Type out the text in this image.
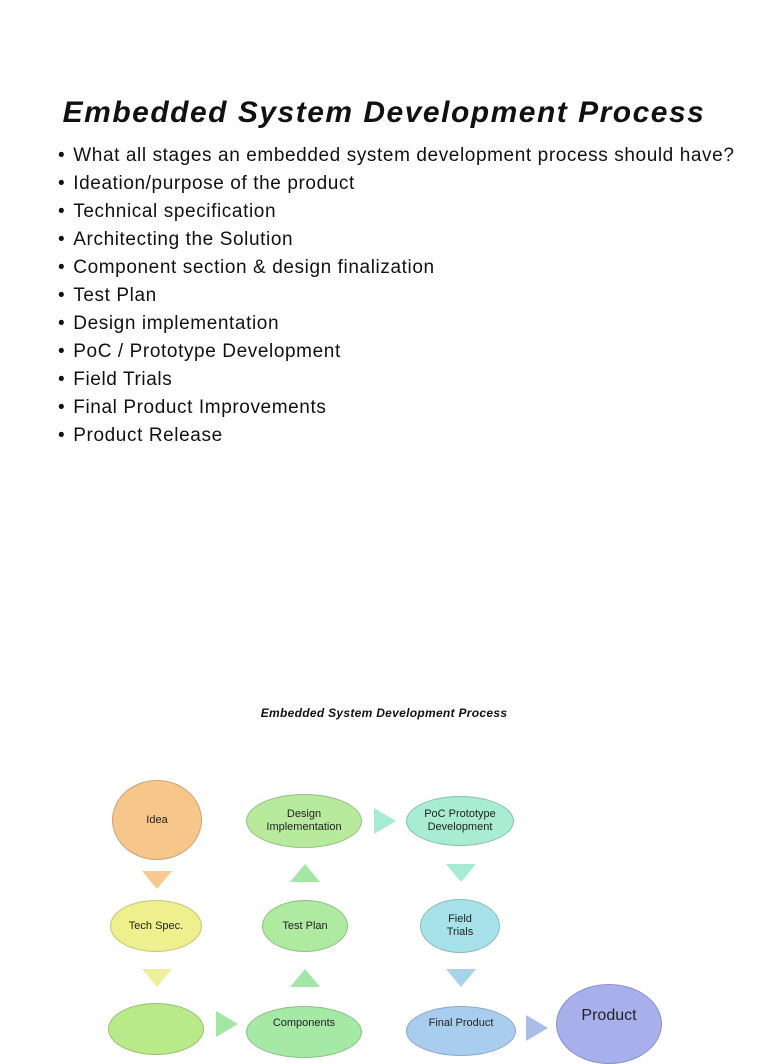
Embedded System Development Process
• What all stages an embedded system development process should have?
• Ideation/purpose of the product
• Technical specification
• Architecting the Solution
• Component section & design finalization
• Test Plan
• Design implementation
• PoC / Prototype Development
• Field Trials
• Final Product Improvements
• Product Release
Embedded System Development Process
Idea
Tech Spec.
Design
Implementation
Test Plan
Components
PoC Prototype
Development
Field
Trials
Final Product	Product
